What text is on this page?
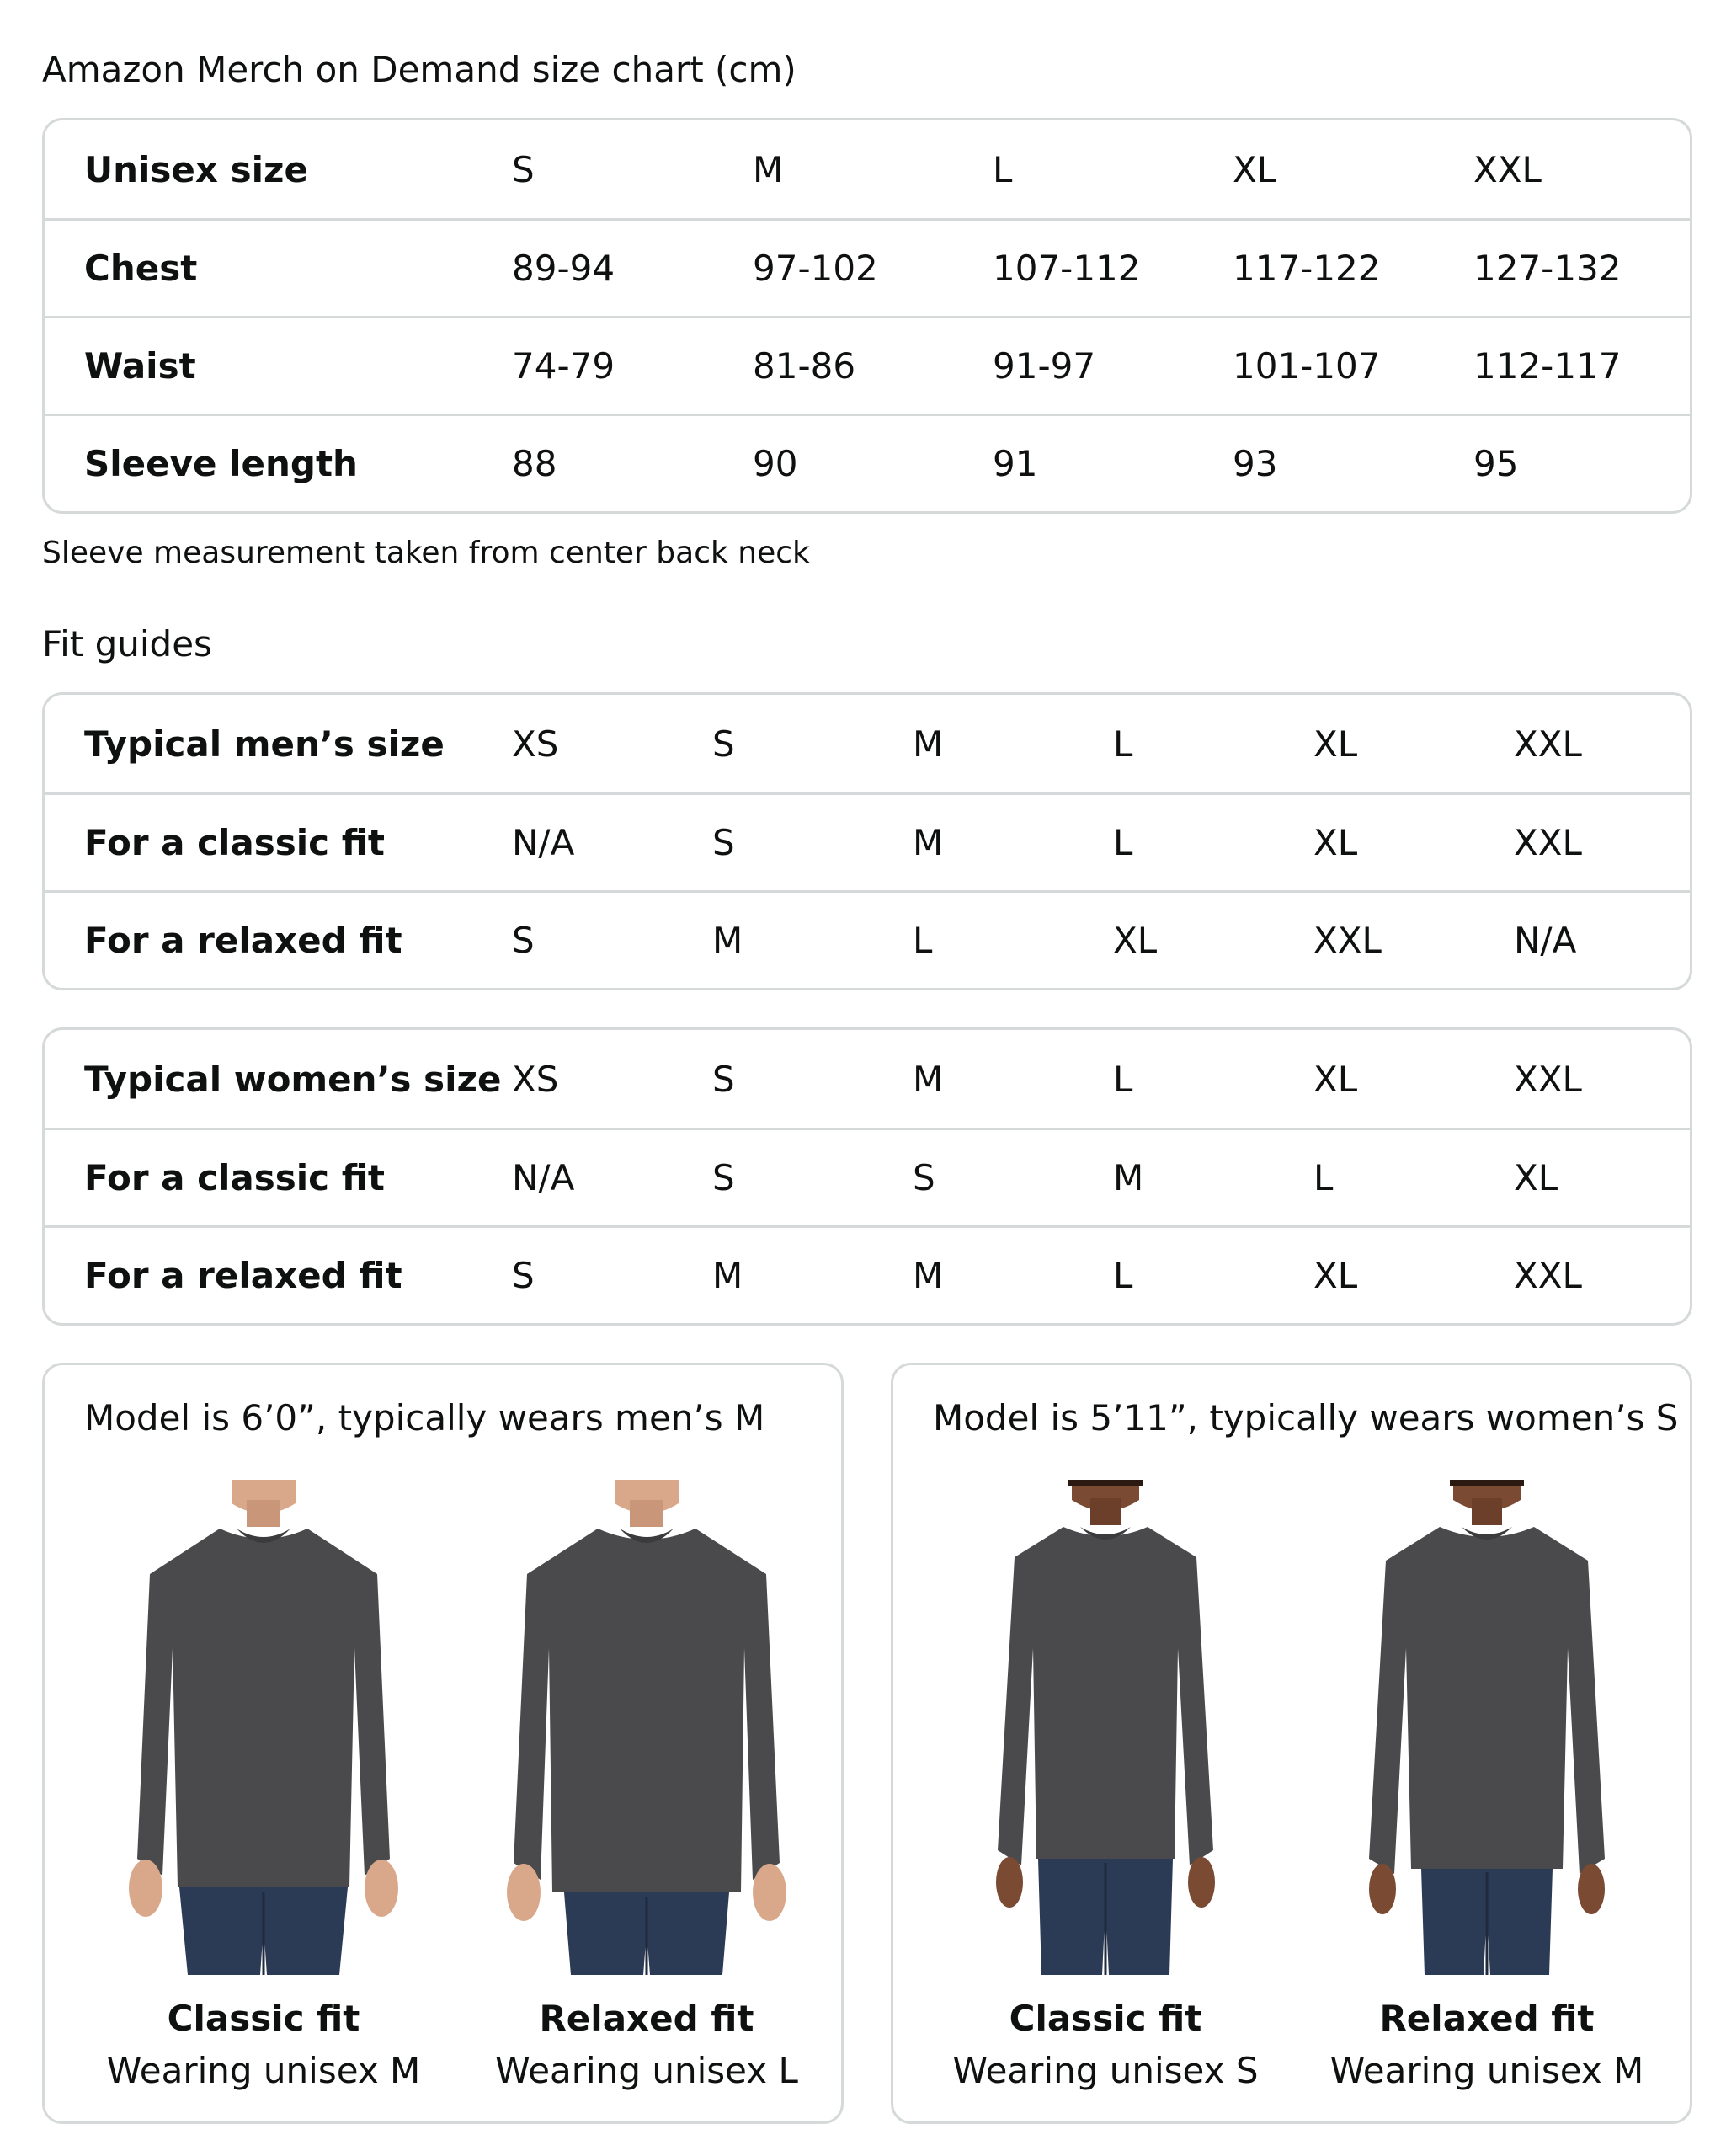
Amazon Merch on Demand size chart (cm)
Unisex size	S	M	L	XL	XXL
Chest	89-94	97-102	107-112	117-122	127-132
Waist	74-79	81-86	91-97	101-107	112-117
Sleeve length	88	90	91	93	95
Sleeve measurement taken from center back neck
Fit guides
Typical men’s size XS	S	M	L	XL	XXL
For a classic fit	N/A	S	M	L	XL	XXL
For a relaxed fit	S	M	L	XL	XXL	N/A
Typical women’s size XS	S	M	L	XL	XXL
For a classic fit	N/A	S	S	M	L	XL
For a relaxed fit	S	M	M	L	XL	XXL
Model is 6’0”, typically wears men’s M
Classic fit
Wearing unisex M
Relaxed fit
Wearing unisex L
Model is 5’11”, typically wears women’s S
Classic fit
Wearing unisex S
Relaxed fit
Wearing unisex M
